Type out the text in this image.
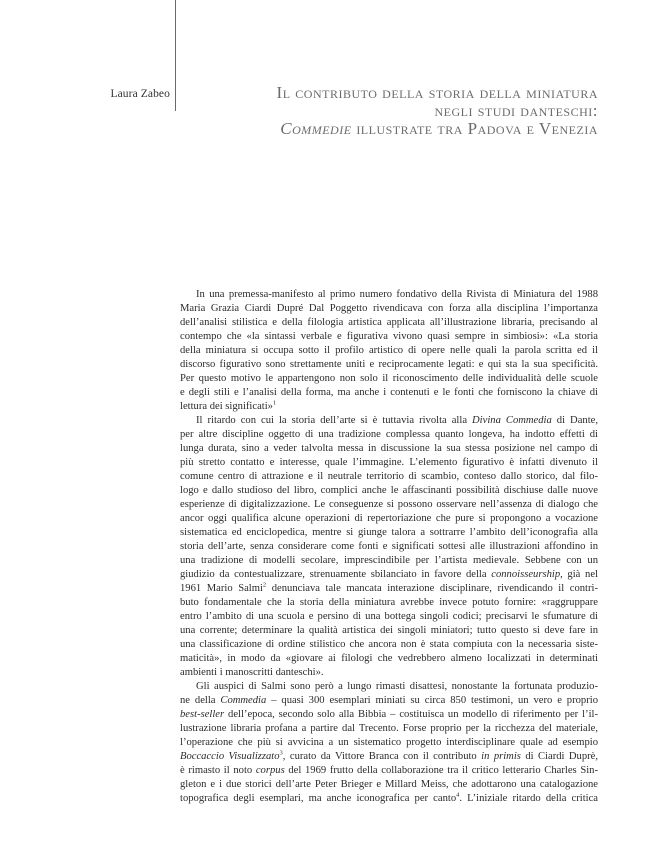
Laura Zabeo	Il contributo della storia della miniatura
negli studi danteschi:
Commedie illustrate tra Padova e Venezia
In una premessa-manifesto al primo numero fondativo della Rivista di Miniatura del 1988
Maria Grazia Ciardi Dupré Dal Poggetto rivendicava con forza alla disciplina l’importanza
dell’analisi stilistica e della filologia artistica applicata all’illustrazione libraria, precisando al
contempo che «la sintassi verbale e figurativa vivono quasi sempre in simbiosi»: «La storia
della miniatura si occupa sotto il profilo artistico di opere nelle quali la parola scritta ed il
discorso figurativo sono strettamente uniti e reciprocamente legati: e qui sta la sua specificità.
Per questo motivo le appartengono non solo il riconoscimento delle individualità delle scuole
e degli stili e l’analisi della forma, ma anche i contenuti e le fonti che forniscono la chiave di
lettura dei significati»$^1$
Il ritardo con cui la storia dell’arte si è tuttavia rivolta alla Divina Commedia di Dante,
per altre discipline oggetto di una tradizione complessa quanto longeva, ha indotto effetti di
lunga durata, sino a veder talvolta messa in discussione la sua stessa posizione nel campo di
più stretto contatto e interesse, quale l’immagine. L’elemento figurativo è infatti divenuto il
comune centro di attrazione e il neutrale territorio di scambio, conteso dallo storico, dal filo-
logo e dallo studioso del libro, complici anche le affascinanti possibilità dischiuse dalle nuove
esperienze di digitalizzazione. Le conseguenze si possono osservare nell’assenza di dialogo che
ancor oggi qualifica alcune operazioni di repertoriazione che pure si propongono a vocazione
sistematica ed enciclopedica, mentre si giunge talora a sottrarre l’ambito dell’iconografia alla
storia dell’arte, senza considerare come fonti e significati sottesi alle illustrazioni affondino in
una tradizione di modelli secolare, imprescindibile per l’artista medievale. Sebbene con un
giudizio da contestualizzare, strenuamente sbilanciato in favore della connoisseurship, già nel
1961 Mario Salmi$^2$ denunciava tale mancata interazione disciplinare, rivendicando il contri-
buto fondamentale che la storia della miniatura avrebbe invece potuto fornire: «raggruppare
entro l’ambito di una scuola e persino di una bottega singoli codici; precisarvi le sfumature di
una corrente; determinare la qualità artistica dei singoli miniatori; tutto questo si deve fare in
una classificazione di ordine stilistico che ancora non è stata compiuta con la necessaria siste-
maticità», in modo da «giovare ai filologi che vedrebbero almeno localizzati in determinati
ambienti i manoscritti danteschi».
Gli auspici di Salmi sono però a lungo rimasti disattesi, nonostante la fortunata produzio-
ne della Commedia – quasi 300 esemplari miniati su circa 850 testimoni, un vero e proprio
best-seller dell’epoca, secondo solo alla Bibbia – costituisca un modello di riferimento per l’il-
lustrazione libraria profana a partire dal Trecento. Forse proprio per la ricchezza del materiale,
l’operazione che più si avvicina a un sistematico progetto interdisciplinare quale ad esempio
Boccaccio Visualizzato$^3$, curato da Vittore Branca con il contributo in primis di Ciardi Duprè,
è rimasto il noto corpus del 1969 frutto della collaborazione tra il critico letterario Charles Sin-
gleton e i due storici dell’arte Peter Brieger e Millard Meiss, che adottarono una catalogazione
topografica degli esemplari, ma anche iconografica per canto$^4$. L’iniziale ritardo della critica
